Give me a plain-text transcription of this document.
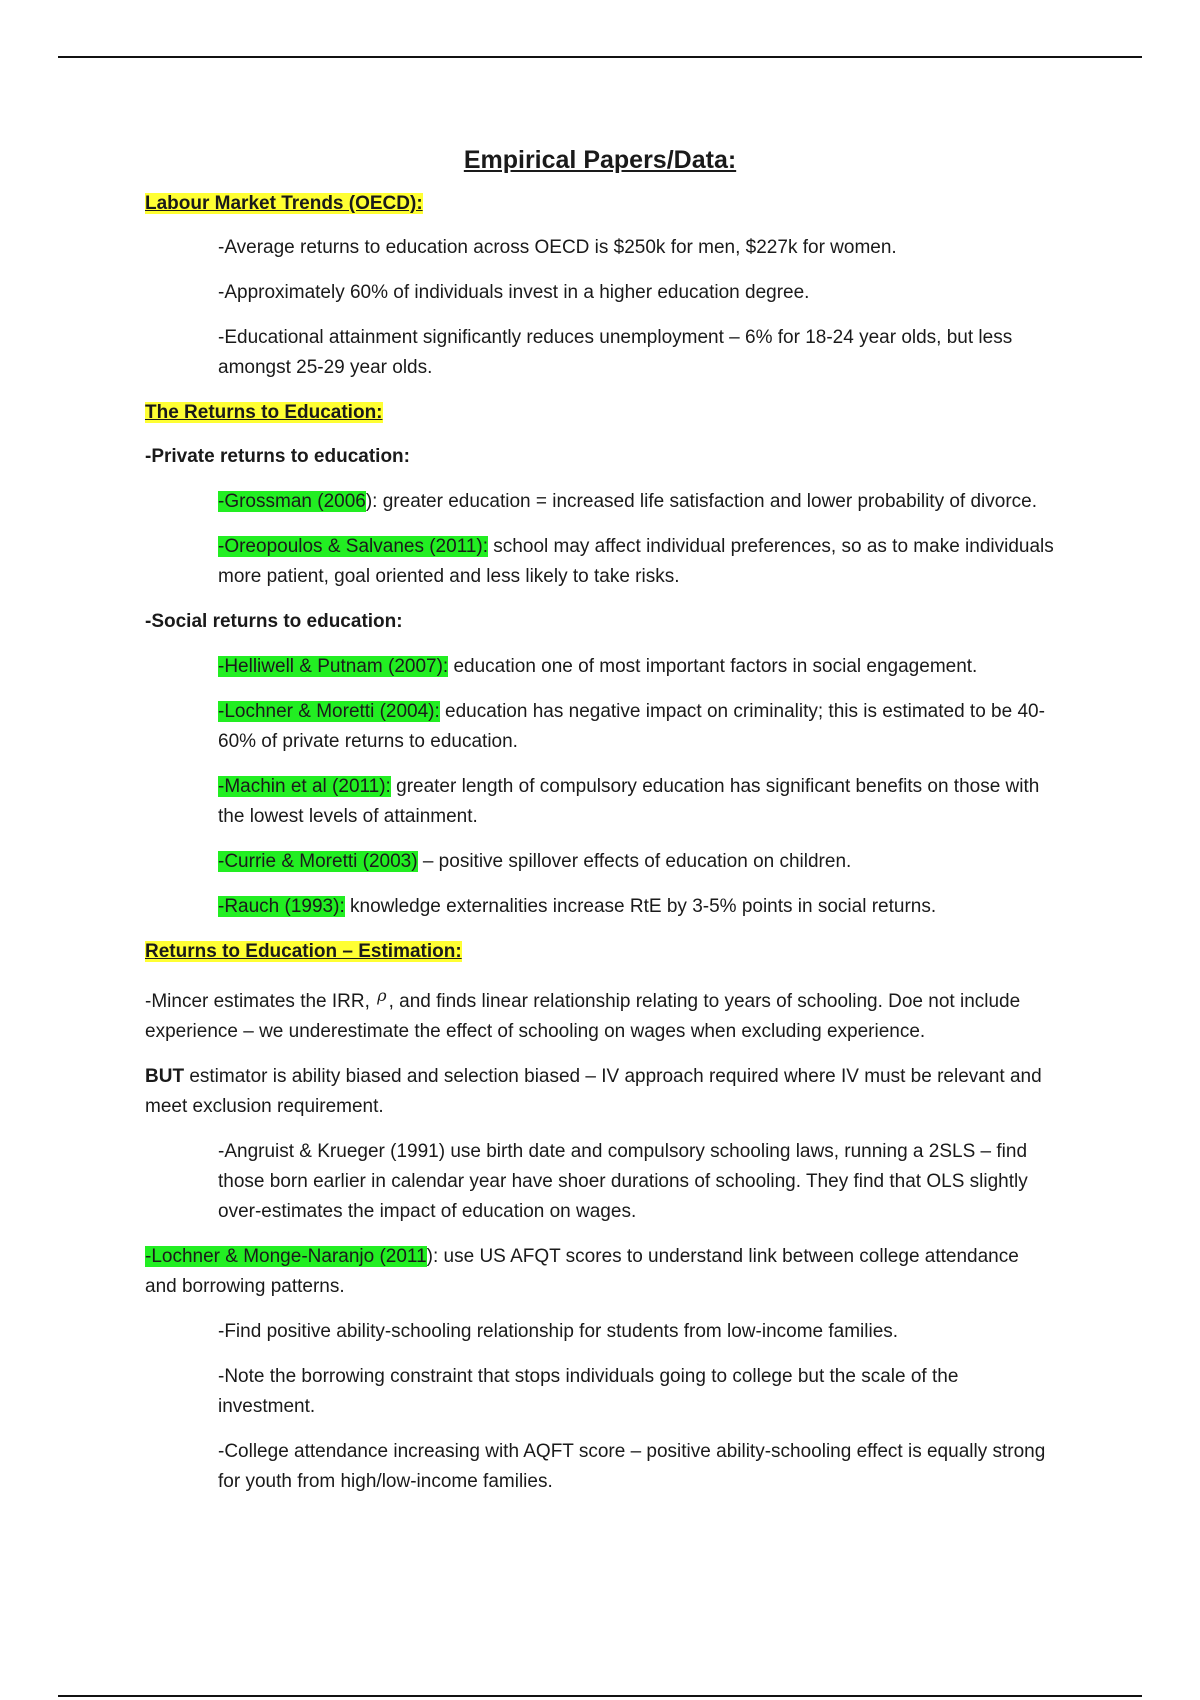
Empirical Papers/Data:
Labour Market Trends (OECD):
-Average returns to education across OECD is $250k for men, $227k for women.
-Approximately 60% of individuals invest in a higher education degree.
-Educational attainment significantly reduces unemployment – 6% for 18-24 year olds, but less amongst 25-29 year olds.
The Returns to Education:
-Private returns to education:
-Grossman (2006): greater education = increased life satisfaction and lower probability of divorce.
-Oreopoulos & Salvanes (2011): school may affect individual preferences, so as to make individuals more patient, goal oriented and less likely to take risks.
-Social returns to education:
-Helliwell & Putnam (2007): education one of most important factors in social engagement.
-Lochner & Moretti (2004): education has negative impact on criminality; this is estimated to be 40-60% of private returns to education.
-Machin et al (2011): greater length of compulsory education has significant benefits on those with the lowest levels of attainment.
-Currie & Moretti (2003) – positive spillover effects of education on children.
-Rauch (1993): knowledge externalities increase RtE by 3-5% points in social returns.
Returns to Education – Estimation:
-Mincer estimates the IRR, ρ , and finds linear relationship relating to years of schooling. Doe not include experience – we underestimate the effect of schooling on wages when excluding experience.
BUT estimator is ability biased and selection biased – IV approach required where IV must be relevant and meet exclusion requirement.
-Angruist & Krueger (1991) use birth date and compulsory schooling laws, running a 2SLS – find those born earlier in calendar year have shoer durations of schooling. They find that OLS slightly over-estimates the impact of education on wages.
-Lochner & Monge-Naranjo (2011): use US AFQT scores to understand link between college attendance and borrowing patterns.
-Find positive ability-schooling relationship for students from low-income families.
-Note the borrowing constraint that stops individuals going to college but the scale of the investment.
-College attendance increasing with AQFT score – positive ability-schooling effect is equally strong for youth from high/low-income families.
